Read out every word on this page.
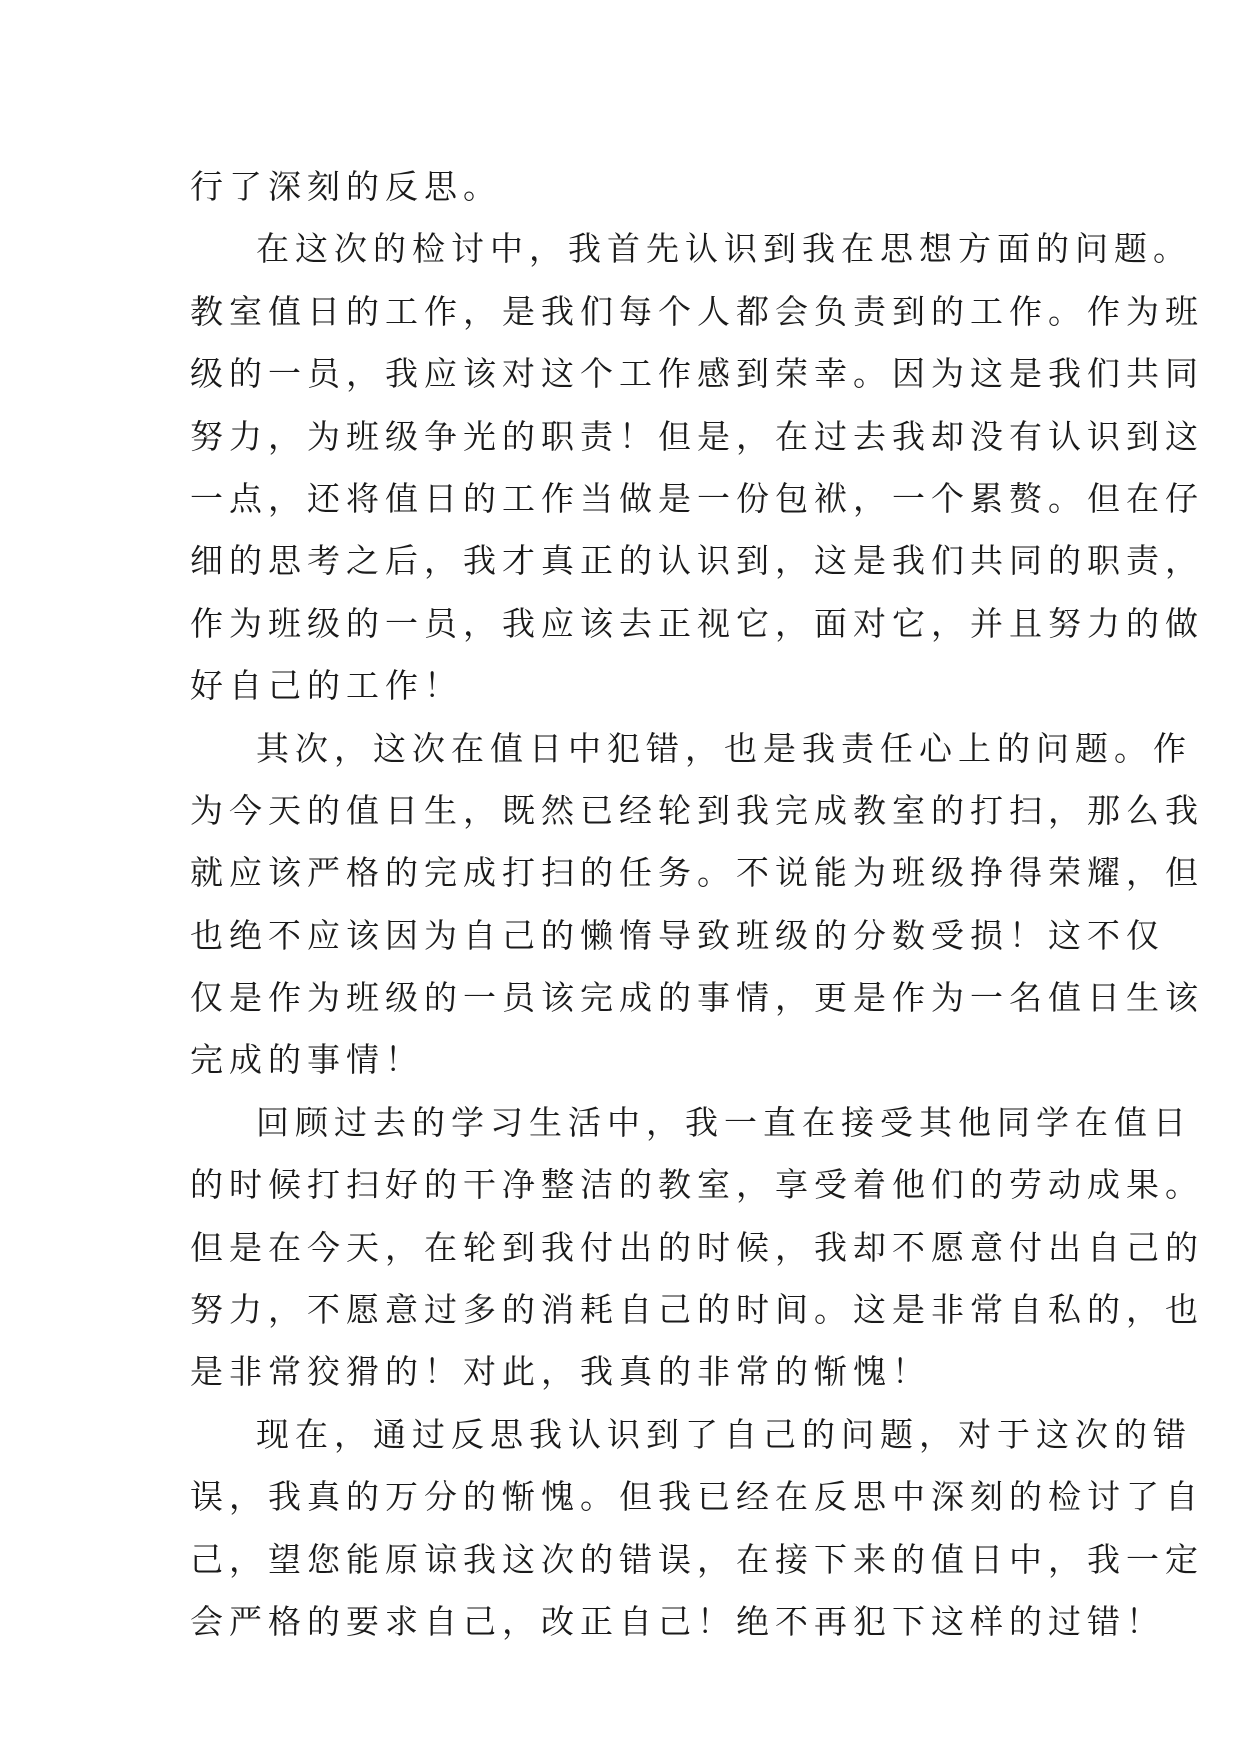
行了深刻的反思。
在这次的检讨中，我首先认识到我在思想方面的问题。
教室值日的工作，是我们每个人都会负责到的工作。作为班
级的一员，我应该对这个工作感到荣幸。因为这是我们共同
努力，为班级争光的职责！但是，在过去我却没有认识到这
一点，还将值日的工作当做是一份包袱，一个累赘。但在仔
细的思考之后，我才真正的认识到，这是我们共同的职责，
作为班级的一员，我应该去正视它，面对它，并且努力的做
好自己的工作！
其次，这次在值日中犯错，也是我责任心上的问题。作
为今天的值日生，既然已经轮到我完成教室的打扫，那么我
就应该严格的完成打扫的任务。不说能为班级挣得荣耀，但
也绝不应该因为自己的懒惰导致班级的分数受损！这不仅
仅是作为班级的一员该完成的事情，更是作为一名值日生该
完成的事情！
回顾过去的学习生活中，我一直在接受其他同学在值日
的时候打扫好的干净整洁的教室，享受着他们的劳动成果。
但是在今天，在轮到我付出的时候，我却不愿意付出自己的
努力，不愿意过多的消耗自己的时间。这是非常自私的，也
是非常狡猾的！对此，我真的非常的惭愧！
现在，通过反思我认识到了自己的问题，对于这次的错
误，我真的万分的惭愧。但我已经在反思中深刻的检讨了自
己，望您能原谅我这次的错误，在接下来的值日中，我一定
会严格的要求自己，改正自己！绝不再犯下这样的过错！
